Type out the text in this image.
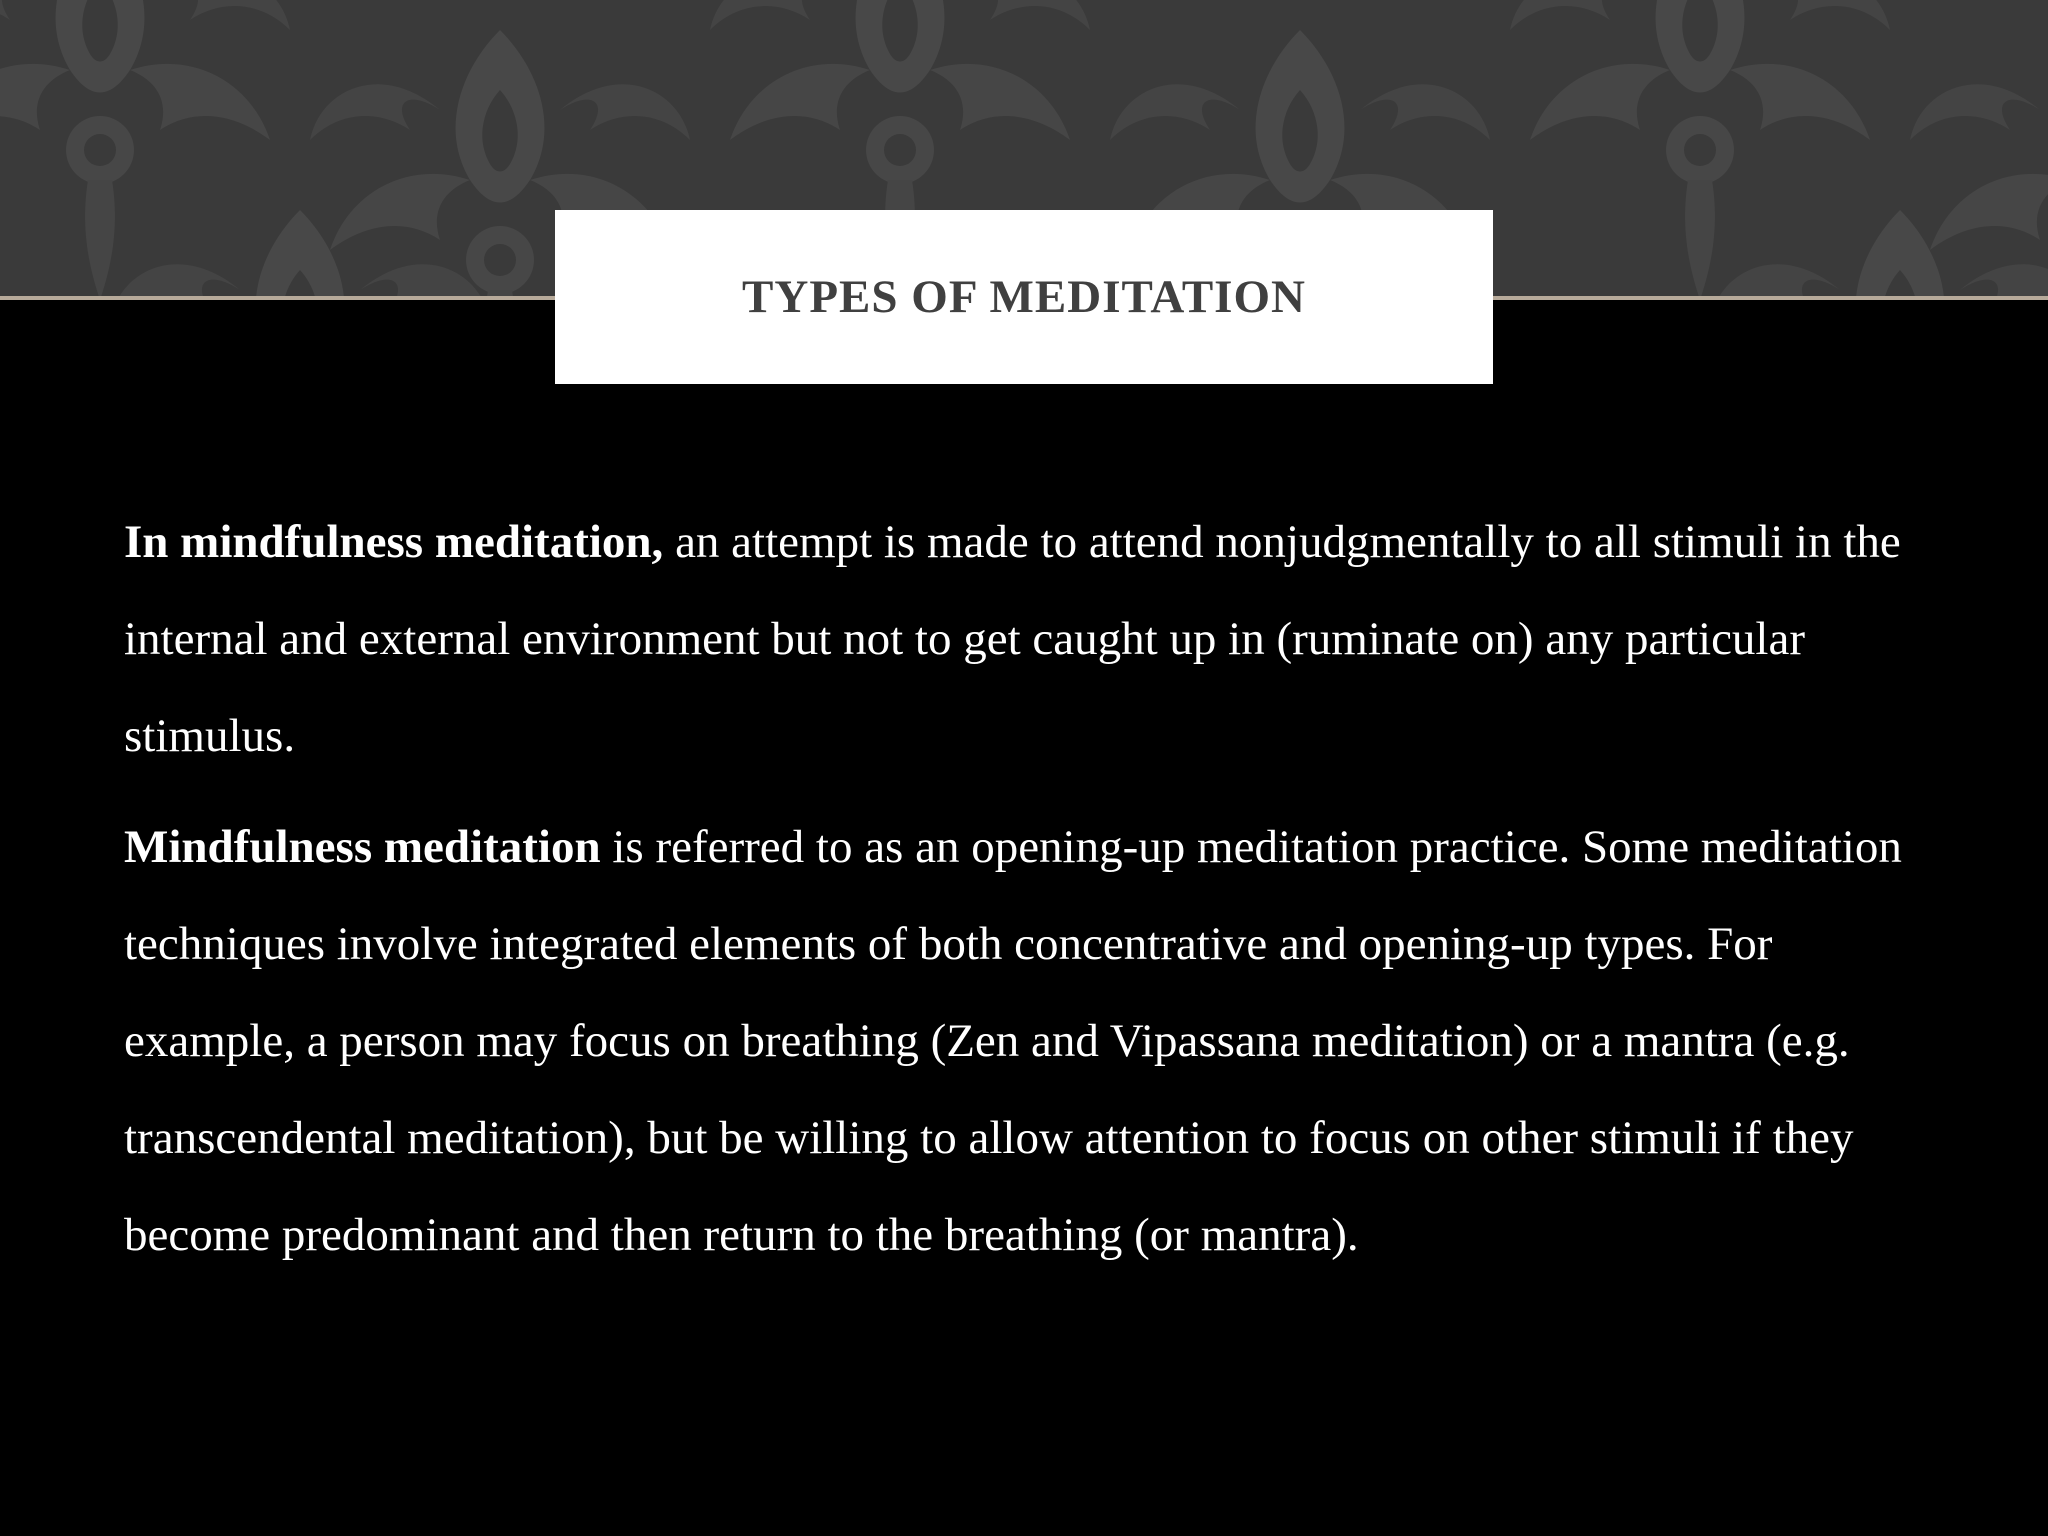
TYPES OF MEDITATION

In mindfulness meditation, an attempt is made to attend nonjudgmentally to all stimuli in the internal and external environment but not to get caught up in (ruminate on) any particular stimulus.

Mindfulness meditation is referred to as an opening-up meditation practice. Some meditation techniques involve integrated elements of both concentrative and opening-up types. For example, a person may focus on breathing (Zen and Vipassana meditation) or a mantra (e.g. transcendental meditation), but be willing to allow attention to focus on other stimuli if they become predominant and then return to the breathing (or mantra).
